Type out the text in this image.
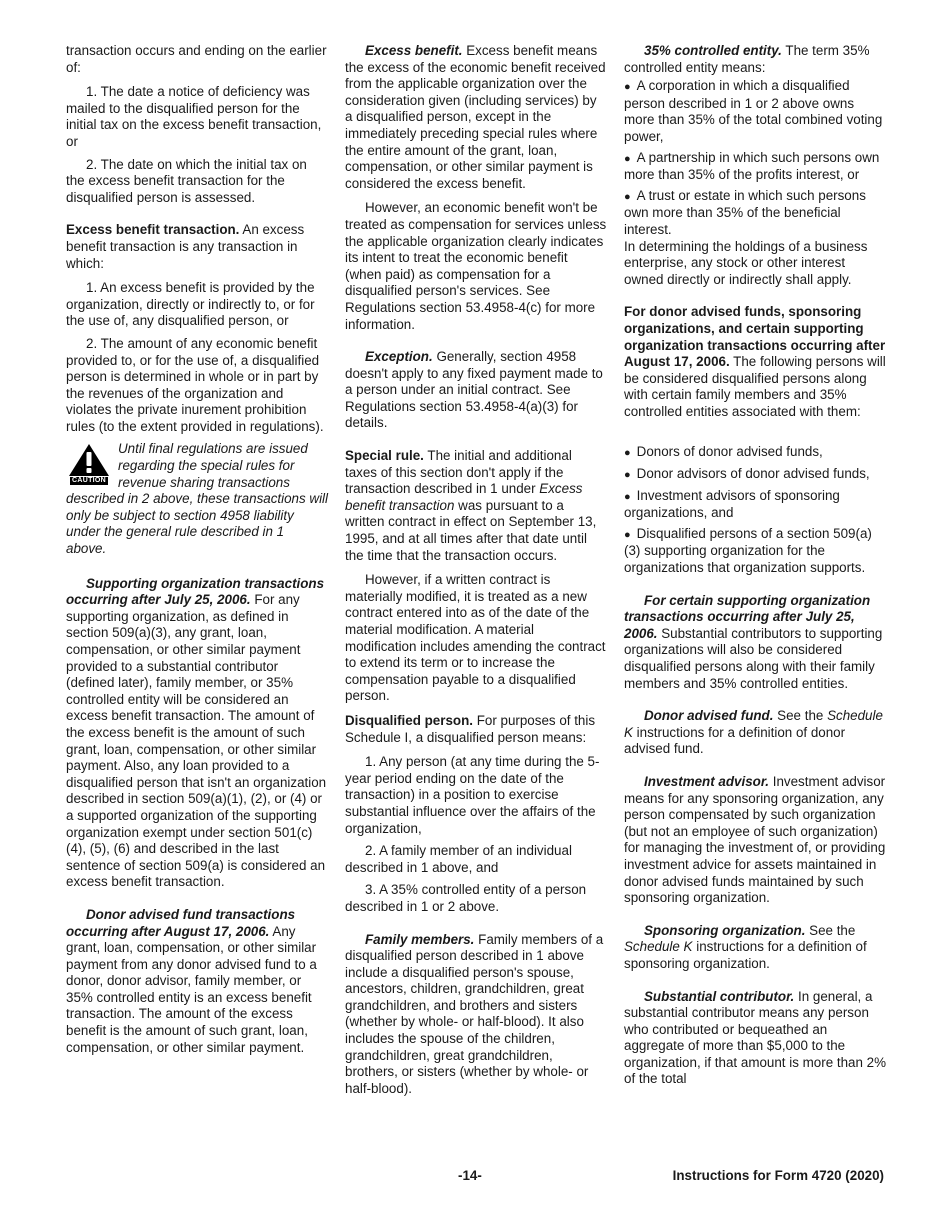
transaction occurs and ending on the earlier of:

1. The date a notice of deficiency was mailed to the disqualified person for the initial tax on the excess benefit transaction, or

2. The date on which the initial tax on the excess benefit transaction for the disqualified person is assessed.

Excess benefit transaction. An excess benefit transaction is any transaction in which:

1. An excess benefit is provided by the organization, directly or indirectly to, or for the use of, any disqualified person, or

2. The amount of any economic benefit provided to, or for the use of, a disqualified person is determined in whole or in part by the revenues of the organization and violates the private inurement prohibition rules (to the extent provided in regulations).

CAUTION
Until final regulations are issued regarding the special rules for revenue sharing transactions described in 2 above, these transactions will only be subject to section 4958 liability under the general rule described in 1 above.

Supporting organization transactions occurring after July 25, 2006. For any supporting organization, as defined in section 509(a)(3), any grant, loan, compensation, or other similar payment provided to a substantial contributor (defined later), family member, or 35% controlled entity will be considered an excess benefit transaction. The amount of the excess benefit is the amount of such grant, loan, compensation, or other similar payment. Also, any loan provided to a disqualified person that isn't an organization described in section 509(a)(1), (2), or (4) or a supported organization of the supporting organization exempt under section 501(c)(4), (5), (6) and described in the last sentence of section 509(a) is considered an excess benefit transaction.

Donor advised fund transactions occurring after August 17, 2006. Any grant, loan, compensation, or other similar payment from any donor advised fund to a donor, donor advisor, family member, or 35% controlled entity is an excess benefit transaction. The amount of the excess benefit is the amount of such grant, loan, compensation, or other similar payment.

Excess benefit. Excess benefit means the excess of the economic benefit received from the applicable organization over the consideration given (including services) by a disqualified person, except in the immediately preceding special rules where the entire amount of the grant, loan, compensation, or other similar payment is considered the excess benefit.

However, an economic benefit won't be treated as compensation for services unless the applicable organization clearly indicates its intent to treat the economic benefit (when paid) as compensation for a disqualified person's services. See Regulations section 53.4958-4(c) for more information.

Exception. Generally, section 4958 doesn't apply to any fixed payment made to a person under an initial contract. See Regulations section 53.4958-4(a)(3) for details.

Special rule. The initial and additional taxes of this section don't apply if the transaction described in 1 under Excess benefit transaction was pursuant to a written contract in effect on September 13, 1995, and at all times after that date until the time that the transaction occurs.

However, if a written contract is materially modified, it is treated as a new contract entered into as of the date of the material modification. A material modification includes amending the contract to extend its term or to increase the compensation payable to a disqualified person.

Disqualified person. For purposes of this Schedule I, a disqualified person means:

1. Any person (at any time during the 5-year period ending on the date of the transaction) in a position to exercise substantial influence over the affairs of the organization,

2. A family member of an individual described in 1 above, and

3. A 35% controlled entity of a person described in 1 or 2 above.

Family members. Family members of a disqualified person described in 1 above include a disqualified person's spouse, ancestors, children, grandchildren, great grandchildren, and brothers and sisters (whether by whole- or half-blood). It also includes the spouse of the children, grandchildren, great grandchildren, brothers, or sisters (whether by whole- or half-blood).

35% controlled entity. The term 35% controlled entity means:

● A corporation in which a disqualified person described in 1 or 2 above owns more than 35% of the total combined voting power,

● A partnership in which such persons own more than 35% of the profits interest, or

● A trust or estate in which such persons own more than 35% of the beneficial interest.

In determining the holdings of a business enterprise, any stock or other interest owned directly or indirectly shall apply.

For donor advised funds, sponsoring organizations, and certain supporting organization transactions occurring after August 17, 2006. The following persons will be considered disqualified persons along with certain family members and 35% controlled entities associated with them:

● Donors of donor advised funds,

● Donor advisors of donor advised funds,

● Investment advisors of sponsoring organizations, and

● Disqualified persons of a section 509(a)(3) supporting organization for the organizations that organization supports.

For certain supporting organization transactions occurring after July 25, 2006. Substantial contributors to supporting organizations will also be considered disqualified persons along with their family members and 35% controlled entities.

Donor advised fund. See the Schedule K instructions for a definition of donor advised fund.

Investment advisor. Investment advisor means for any sponsoring organization, any person compensated by such organization (but not an employee of such organization) for managing the investment of, or providing investment advice for assets maintained in donor advised funds maintained by such sponsoring organization.

Sponsoring organization. See the Schedule K instructions for a definition of sponsoring organization.

Substantial contributor. In general, a substantial contributor means any person who contributed or bequeathed an aggregate of more than $5,000 to the organization, if that amount is more than 2% of the total

-14-	Instructions for Form 4720 (2020)
